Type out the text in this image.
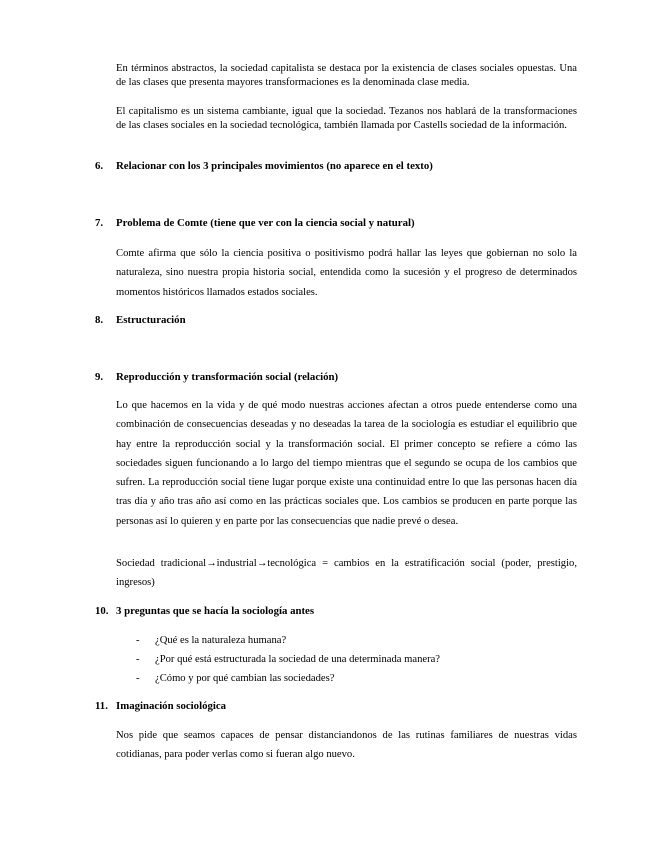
En términos abstractos, la sociedad capitalista se destaca por la existencia de clases sociales opuestas. Una de las clases que presenta mayores transformaciones es la denominada clase media.

El capitalismo es un sistema cambiante, igual que la sociedad. Tezanos nos hablará de la transformaciones de las clases sociales en la sociedad tecnológica, también llamada por Castells sociedad de la información.

6. Relacionar con los 3 principales movimientos (no aparece en el texto)
7. Problema de Comte (tiene que ver con la ciencia social y natural)

Comte afirma que sólo la ciencia positiva o positivismo podrá hallar las leyes que gobiernan no solo la naturaleza, sino nuestra propia historia social, entendida como la sucesión y el progreso de determinados momentos históricos llamados estados sociales.

8. Estructuración
9. Reproducción y transformación social (relación)

Lo que hacemos en la vida y de qué modo nuestras acciones afectan a otros puede entenderse como una combinación de consecuencias deseadas y no deseadas la tarea de la sociología es estudiar el equilibrio que hay entre la reproducción social y la transformación social. El primer concepto se refiere a cómo las sociedades siguen funcionando a lo largo del tiempo mientras que el segundo se ocupa de los cambios que sufren. La reproducción social tiene lugar porque existe una continuidad entre lo que las personas hacen día tras día y año tras año así como en las prácticas sociales que. Los cambios se producen en parte porque las personas así lo quieren y en parte por las consecuencias que nadie prevé o desea.

Sociedad tradicional→industrial→tecnológica = cambios en la estratificación social (poder, prestigio, ingresos)

10. 3 preguntas que se hacía la sociología antes
- ¿Qué es la naturaleza humana?
- ¿Por qué está estructurada la sociedad de una determinada manera?
- ¿Cómo y por qué cambian las sociedades?
11. Imaginación sociológica

Nos pide que seamos capaces de pensar distanciandonos de las rutinas familiares de nuestras vidas cotidianas, para poder verlas como si fueran algo nuevo.
